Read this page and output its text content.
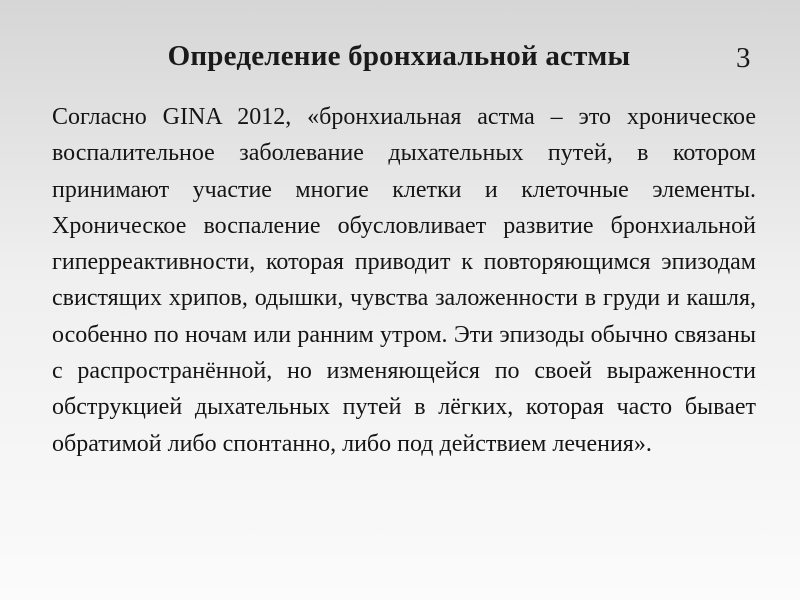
Определение бронхиальной астмы	3

Согласно GINA 2012, «бронхиальная астма – это хроническое воспалительное заболевание дыхательных путей, в котором принимают участие многие клетки и клеточные элементы. Хроническое воспаление обусловливает развитие бронхиальной гиперреактивности, которая приводит к повторяющимся эпизодам свистящих хрипов, одышки, чувства заложенности в груди и кашля, особенно по ночам или ранним утром. Эти эпизоды обычно связаны с распространённой, но изменяющейся по своей выраженности обструкцией дыхательных путей в лёгких, которая часто бывает обратимой либо спонтанно, либо под действием лечения».
